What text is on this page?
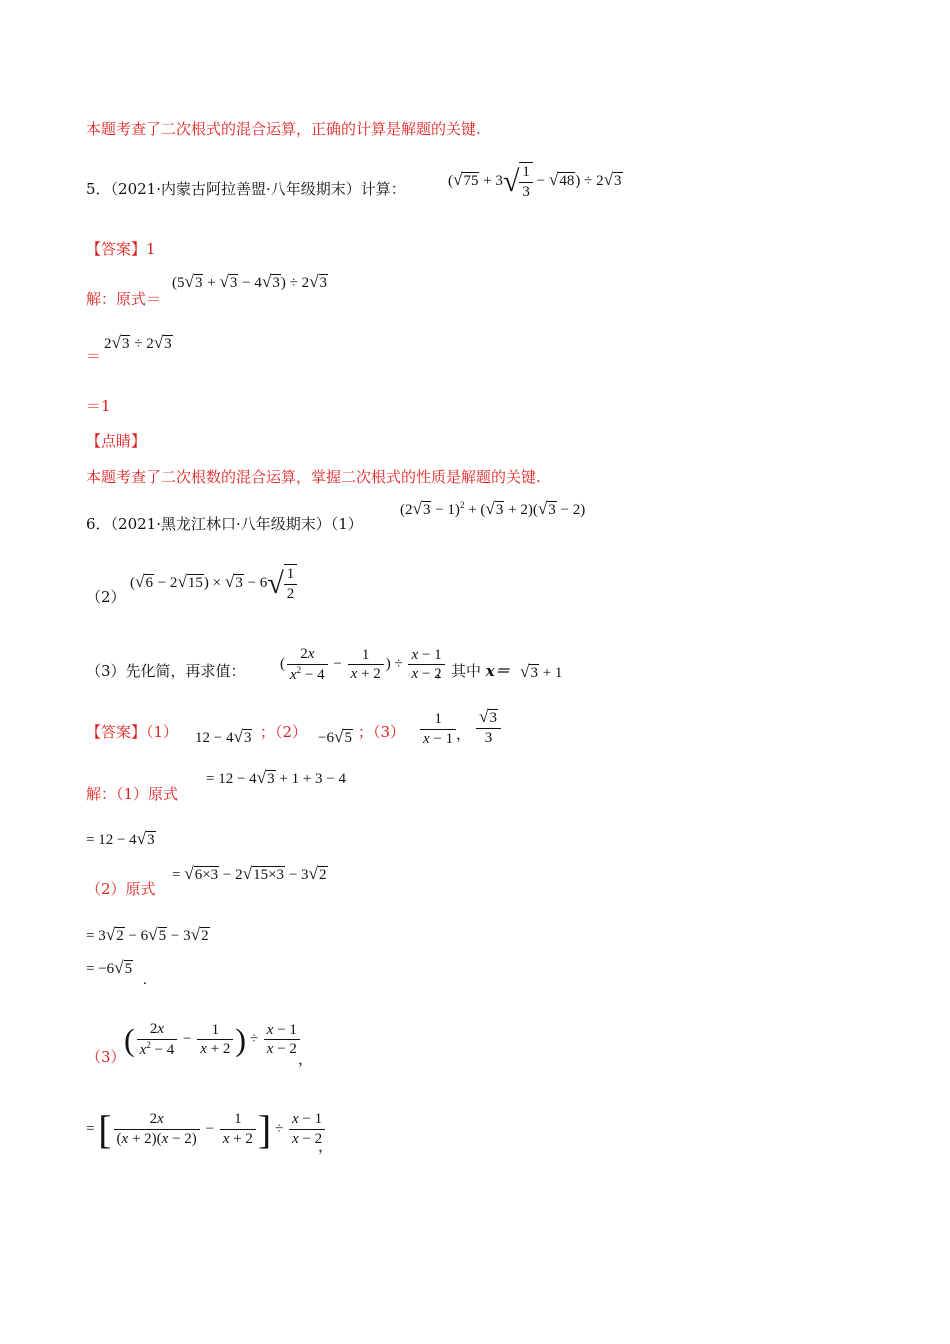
本题考查了二次根式的混合运算，正确的计算是解题的关键.
5．（2021·内蒙古阿拉善盟·八年级期末）计算：	$(√75 + 3√ \frac{1}{3} - √48) \div 2√3$
【答案】1
解：原式＝
(5√3 + √3 − 4√3) ÷ 2√3
＝
2√3 ÷ 2√3
＝1
【点睛】
本题考查了二次根数的混合运算，掌握二次根式的性质是解题的关键.
6．（2021·黑龙江林口·八年级期末）（1）
$(2√3 - 1)^2 + (√3 + 2)(√3 - 2)$
（2）
$(√6 - 2√15) \times √3 - 6√ \frac{1}{2}$
（3）先化简，再求值： ( $\frac{2x}{x^2 - 4} - \frac{1}{x + 2}$ ) ÷ $\frac{x - 1}{x - 2}$
，其中 x＝ √3 + 1
【答案】（1） 12 − 4√3 ；（2） −6√5 ；$(3) \frac{1}{x - 1}$ ， $\frac{√3}{3}$
解：（1）原式
= 12 − 4√3 + 1 + 3 − 4
= 12 − 4√3
（2）原式
= √6×3 − 2√15×3 − 3√2
= 3√2 − 6√5 − 3√2
= −6√5
.
（3）
( $\frac{2x}{x^2 - 4} - \frac{1}{x + 2}$ ) ÷ $\frac{x - 1}{x - 2}$
，
= [ $\frac{2x}{(x + 2)(x - 2)} - \frac{1}{x + 2}$ ] ÷ $\frac{x - 1}{x - 2}$
，
